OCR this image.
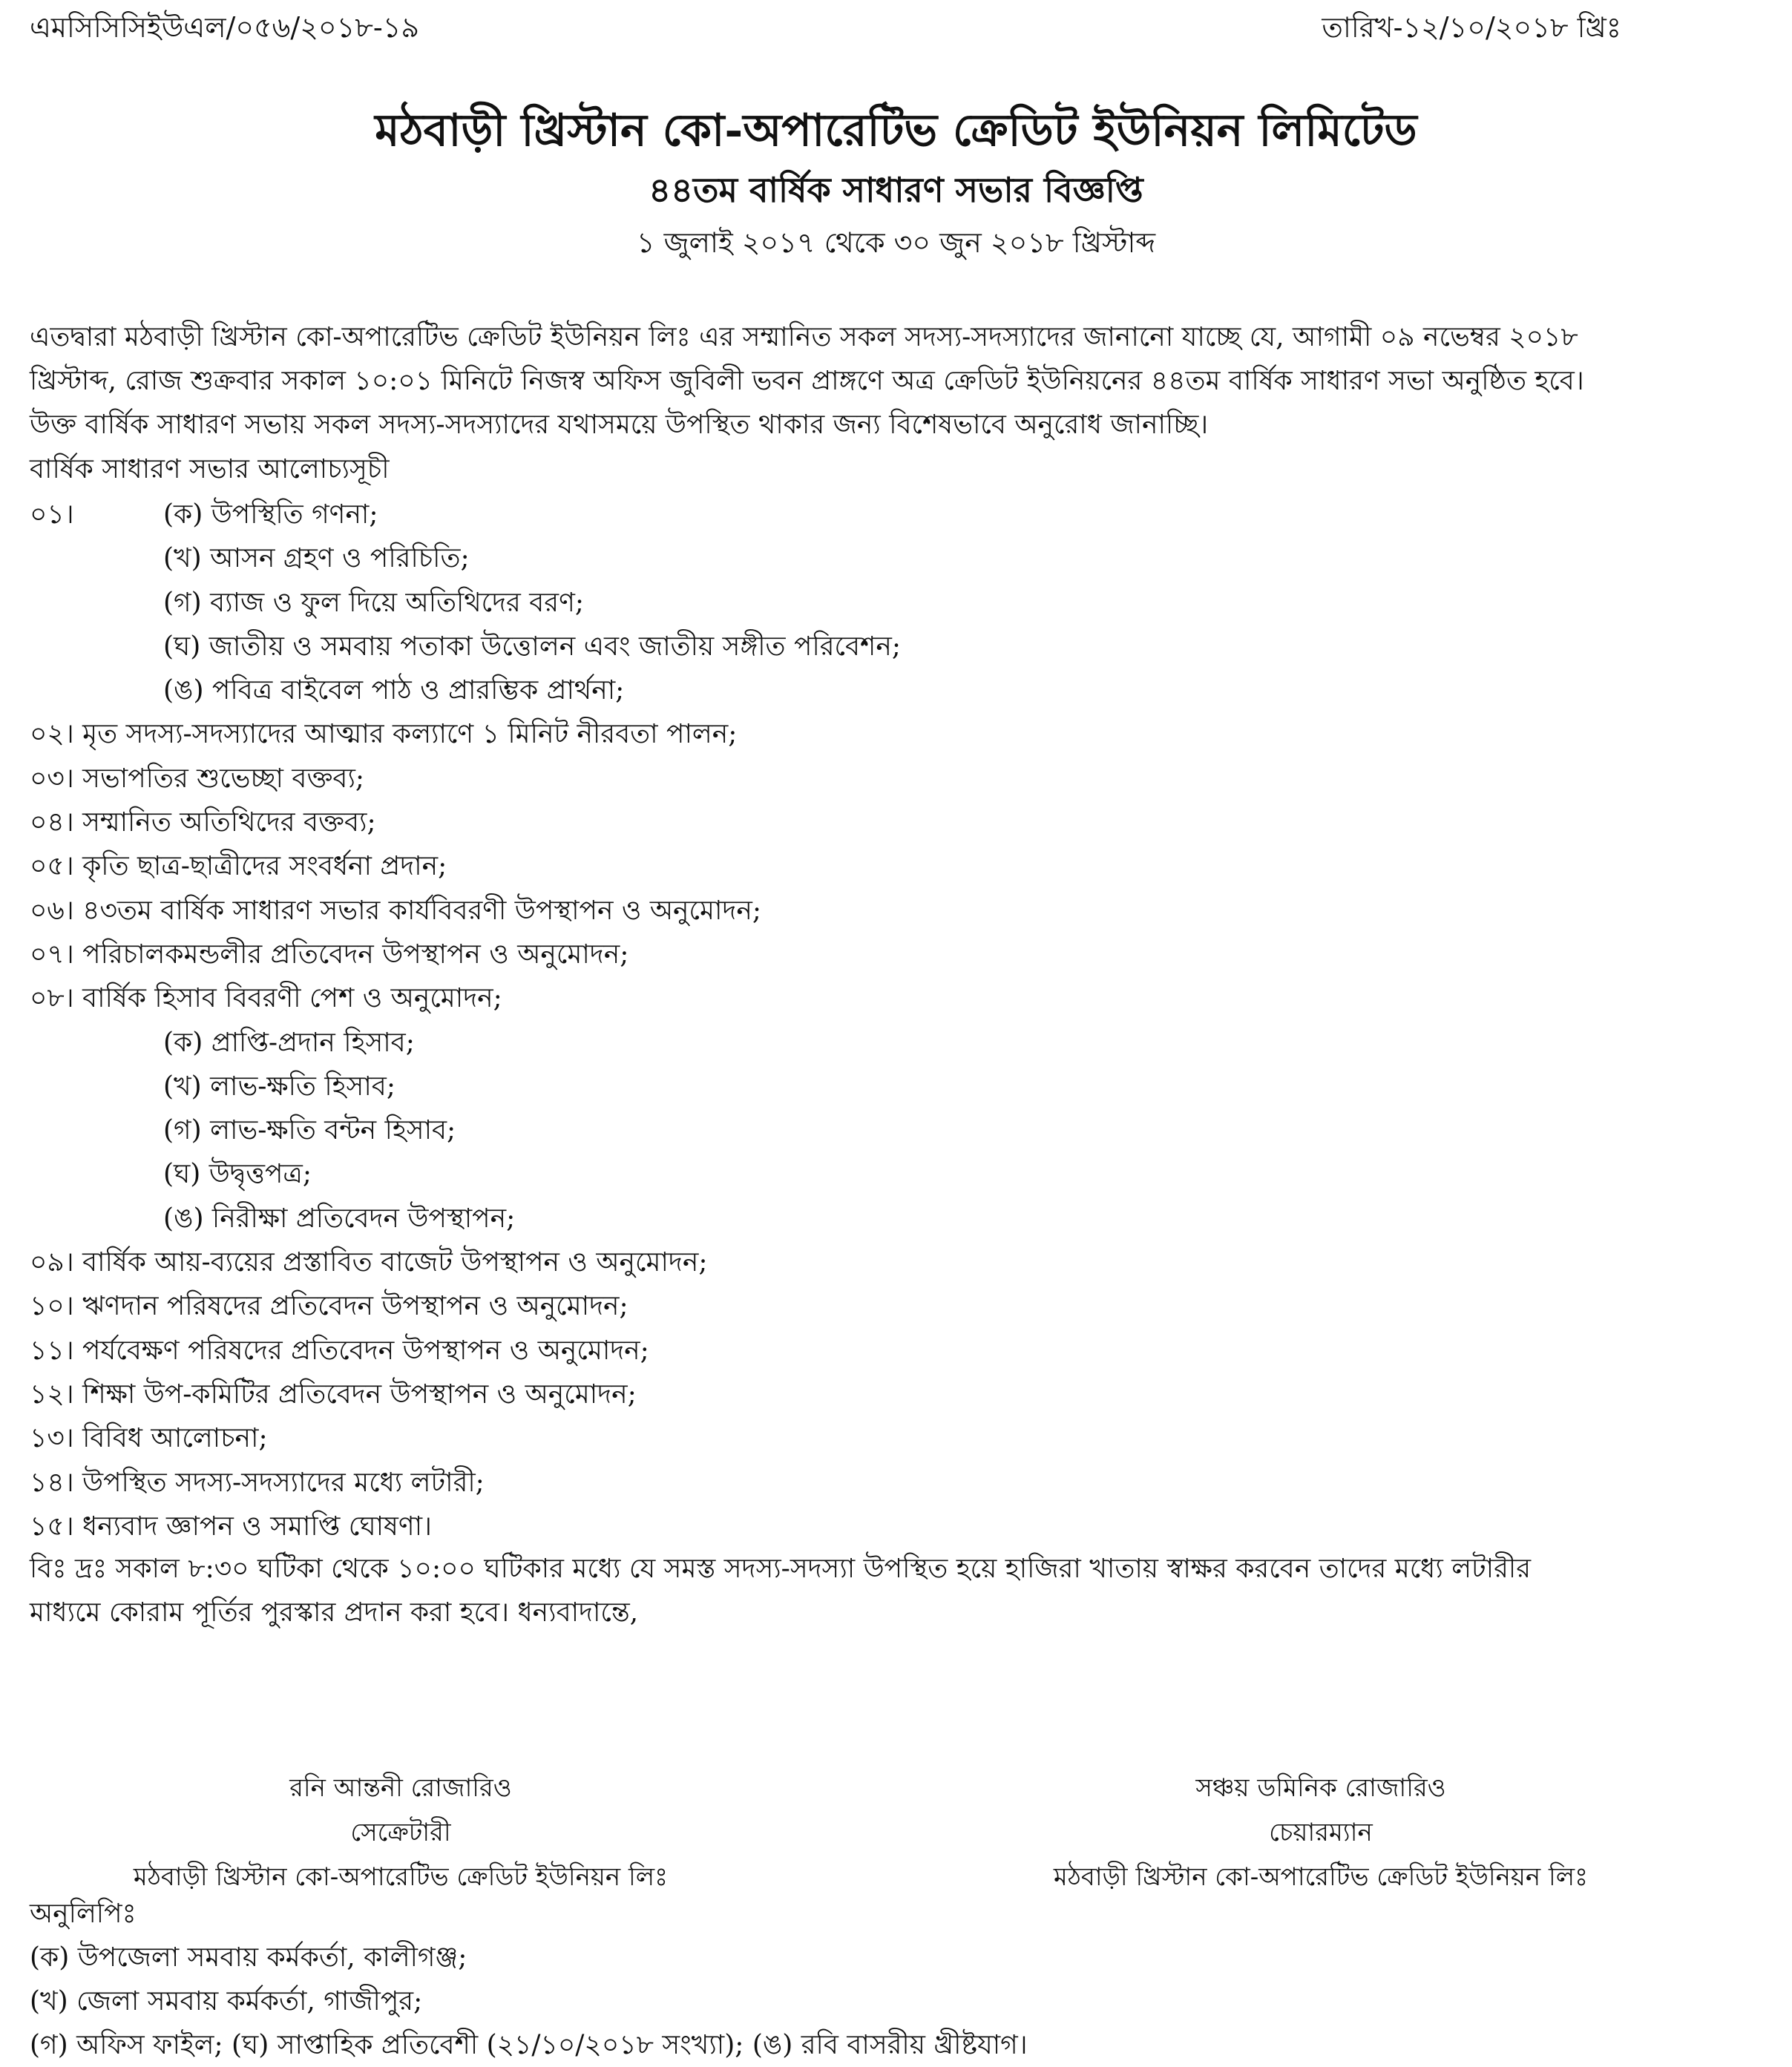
এমসিসিসিইউএল/০৫৬/২০১৮-১৯	তারিখ-১২/১০/২০১৮ খ্রিঃ
মঠবাড়ী খ্রিস্টান কো-অপারেটিভ ক্রেডিট ইউনিয়ন লিমিটেড
৪৪তম বার্ষিক সাধারণ সভার বিজ্ঞপ্তি
১ জুলাই ২০১৭ থেকে ৩০ জুন ২০১৮ খ্রিস্টাব্দ

এতদ্বারা মঠবাড়ী খ্রিস্টান কো-অপারেটিভ ক্রেডিট ইউনিয়ন লিঃ এর সম্মানিত সকল সদস্য-সদস্যাদের জানানো যাচ্ছে যে, আগামী ০৯ নভেম্বর ২০১৮

খ্রিস্টাব্দ, রোজ শুক্রবার সকাল ১০:০১ মিনিটে নিজস্ব অফিস জুবিলী ভবন প্রাঙ্গণে অত্র ক্রেডিট ইউনিয়নের ৪৪তম বার্ষিক সাধারণ সভা অনুষ্ঠিত হবে।

উক্ত বার্ষিক সাধারণ সভায় সকল সদস্য-সদস্যাদের যথাসময়ে উপস্থিত থাকার জন্য বিশেষভাবে অনুরোধ জানাচ্ছি।

বার্ষিক সাধারণ সভার আলোচ্যসূচী
০১।	(ক) উপস্থিতি গণনা;
(খ) আসন গ্রহণ ও পরিচিতি;
(গ) ব্যাজ ও ফুল দিয়ে অতিথিদের বরণ;
(ঘ) জাতীয় ও সমবায় পতাকা উত্তোলন এবং জাতীয় সঙ্গীত পরিবেশন;
(ঙ) পবিত্র বাইবেল পাঠ ও প্রারম্ভিক প্রার্থনা;
০২। মৃত সদস্য-সদস্যাদের আত্মার কল্যাণে ১ মিনিট নীরবতা পালন;
০৩। সভাপতির শুভেচ্ছা বক্তব্য;
০৪। সম্মানিত অতিথিদের বক্তব্য;
০৫। কৃতি ছাত্র-ছাত্রীদের সংবর্ধনা প্রদান;
০৬। ৪৩তম বার্ষিক সাধারণ সভার কার্যবিবরণী উপস্থাপন ও অনুমোদন;
০৭। পরিচালকমন্ডলীর প্রতিবেদন উপস্থাপন ও অনুমোদন;
০৮। বার্ষিক হিসাব বিবরণী পেশ ও অনুমোদন;
(ক) প্রাপ্তি-প্রদান হিসাব;
(খ) লাভ-ক্ষতি হিসাব;
(গ) লাভ-ক্ষতি বন্টন হিসাব;
(ঘ) উদ্বৃত্তপত্র;
(ঙ) নিরীক্ষা প্রতিবেদন উপস্থাপন;
০৯। বার্ষিক আয়-ব্যয়ের প্রস্তাবিত বাজেট উপস্থাপন ও অনুমোদন;
১০। ঋণদান পরিষদের প্রতিবেদন উপস্থাপন ও অনুমোদন;
১১। পর্যবেক্ষণ পরিষদের প্রতিবেদন উপস্থাপন ও অনুমোদন;
১২। শিক্ষা উপ-কমিটির প্রতিবেদন উপস্থাপন ও অনুমোদন;
১৩। বিবিধ আলোচনা;
১৪। উপস্থিত সদস্য-সদস্যাদের মধ্যে লটারী;
১৫। ধন্যবাদ জ্ঞাপন ও সমাপ্তি ঘোষণা।

বিঃ দ্রঃ সকাল ৮:৩০ ঘটিকা থেকে ১০:০০ ঘটিকার মধ্যে যে সমস্ত সদস্য-সদস্যা উপস্থিত হয়ে হাজিরা খাতায় স্বাক্ষর করবেন তাদের মধ্যে লটারীর

মাধ্যমে কোরাম পূর্তির পুরস্কার প্রদান করা হবে। ধন্যবাদান্তে,

রনি আন্তনী রোজারিও
সেক্রেটারী
মঠবাড়ী খ্রিস্টান কো-অপারেটিভ ক্রেডিট ইউনিয়ন লিঃ
সঞ্চয় ডমিনিক রোজারিও
চেয়ারম্যান
মঠবাড়ী খ্রিস্টান কো-অপারেটিভ ক্রেডিট ইউনিয়ন লিঃ
অনুলিপিঃ
(ক) উপজেলা সমবায় কর্মকর্তা, কালীগঞ্জ;
(খ) জেলা সমবায় কর্মকর্তা, গাজীপুর;
(গ) অফিস ফাইল; (ঘ) সাপ্তাহিক প্রতিবেশী (২১/১০/২০১৮ সংখ্যা); (ঙ) রবি বাসরীয় খ্রীষ্টযাগ।
